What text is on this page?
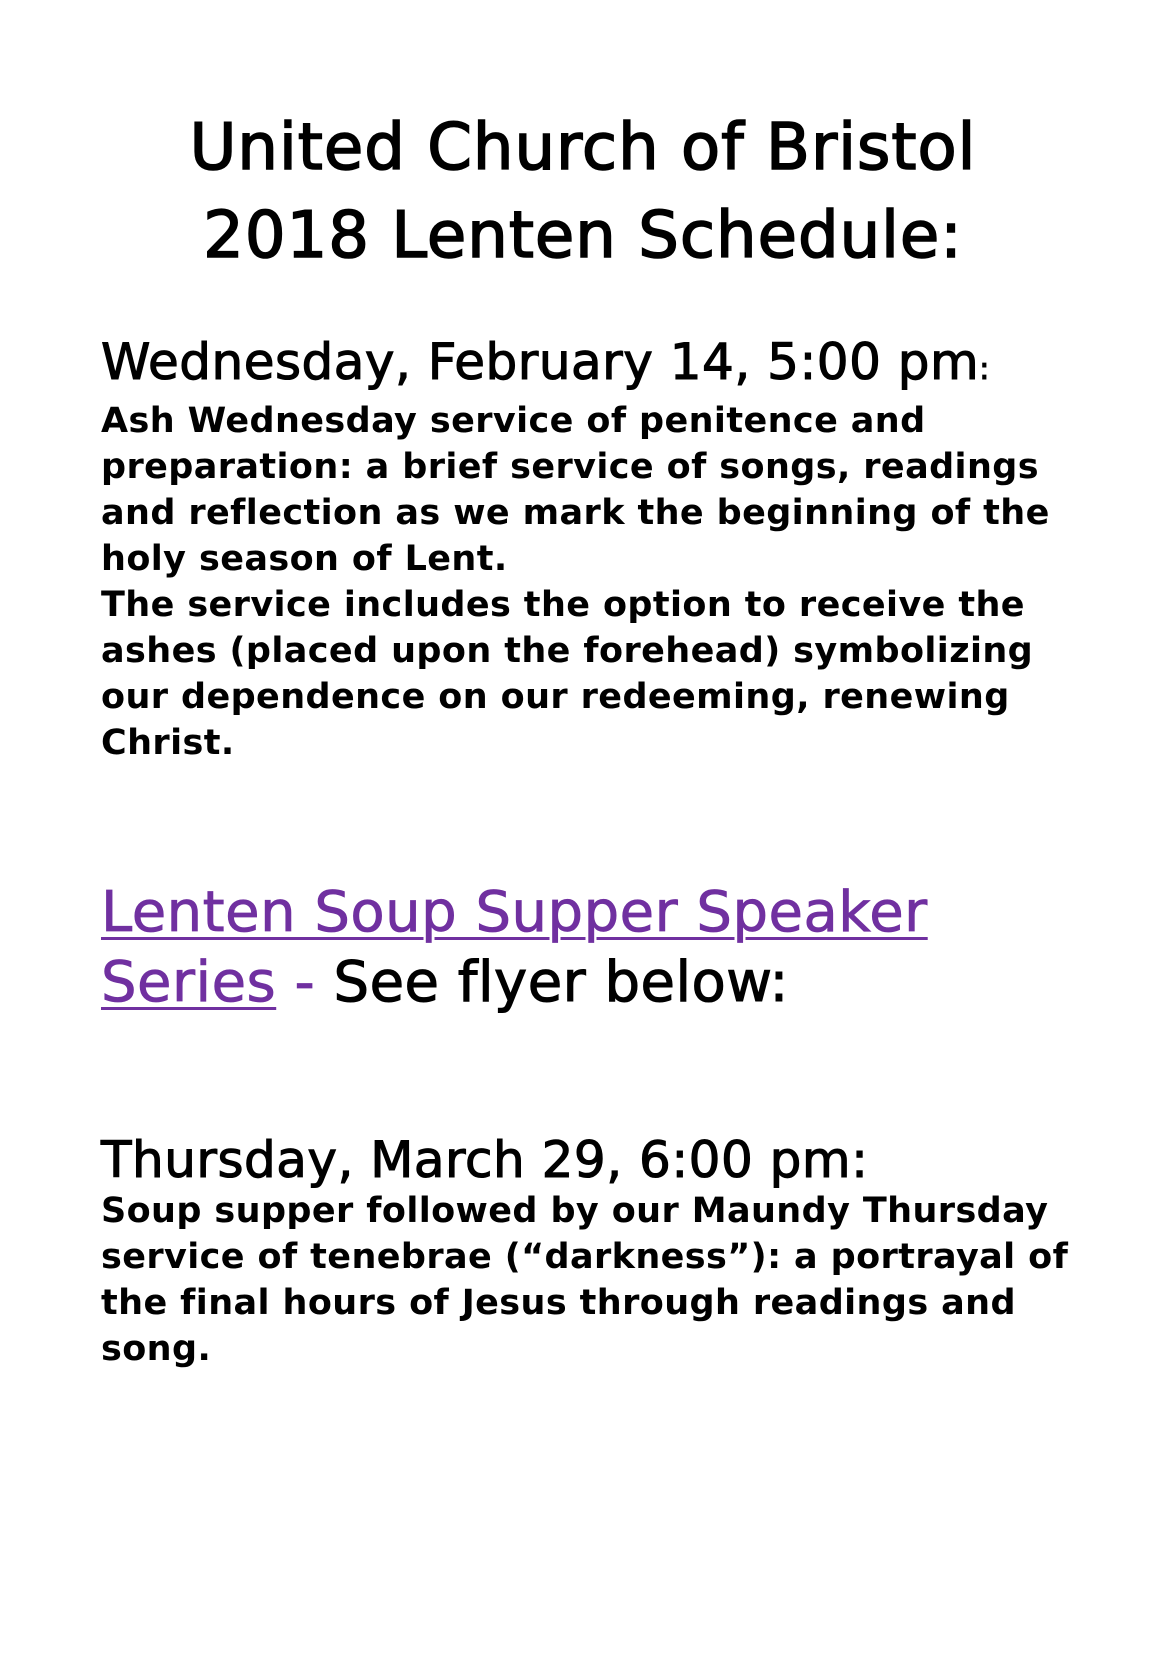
United Church of Bristol
2018 Lenten Schedule:
Wednesday, February 14, 5:00 pm:
Ash Wednesday service of penitence and
preparation: a brief service of songs, readings
and reflection as we mark the beginning of the
holy season of Lent.
The service includes the option to receive the
ashes (placed upon the forehead) symbolizing
our dependence on our redeeming, renewing
Christ.
Lenten Soup Supper Speaker
Series - See flyer below:
Thursday, March 29, 6:00 pm:
Soup supper followed by our Maundy Thursday
service of tenebrae (“darkness”): a portrayal of
the final hours of Jesus through readings and
song.
